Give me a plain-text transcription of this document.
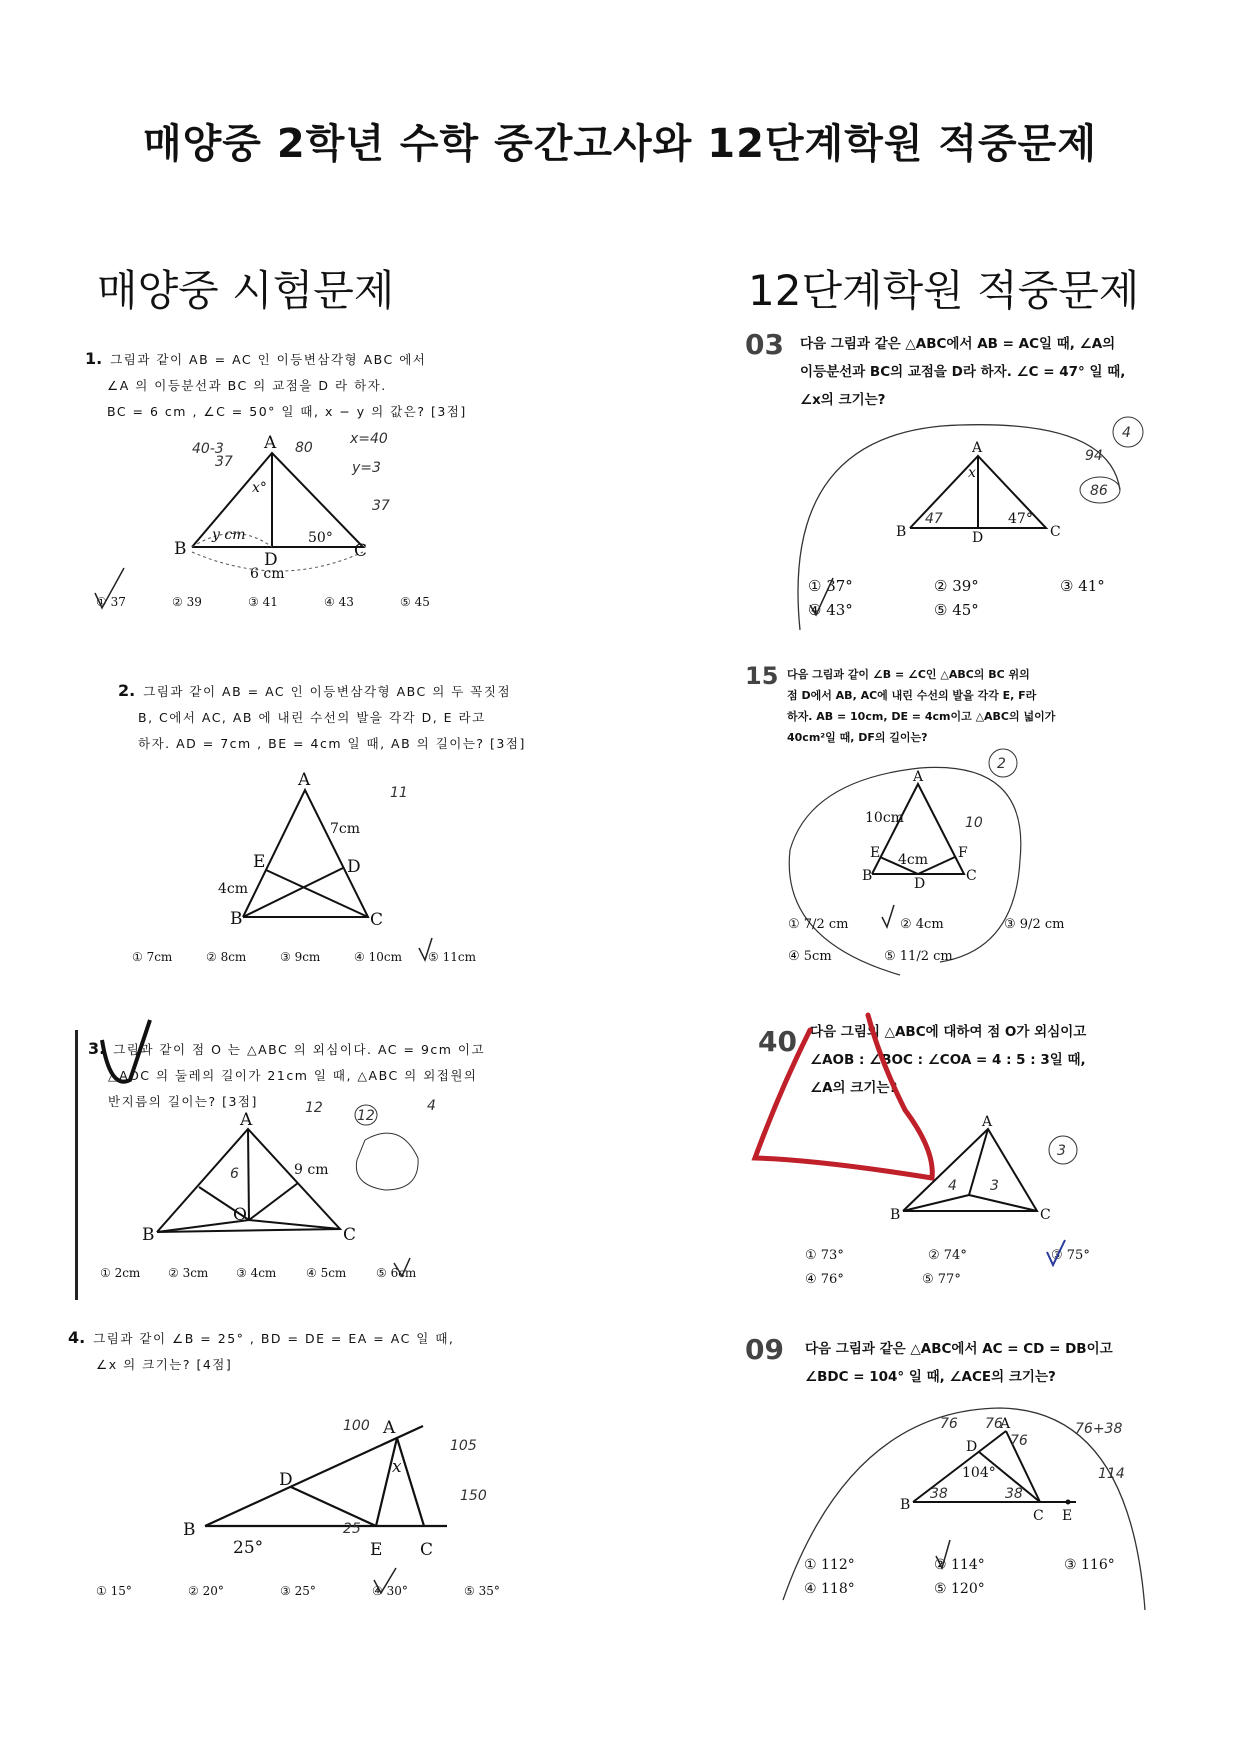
매양중 2학년 수학 중간고사와 12단계학원 적중문제
매양중 시험문제	12단계학원 적중문제
1. 그림과 같이 AB = AC 인 이등변삼각형 ABC 에서
∠A 의 이등분선과 BC 의 교점을 D 라 하자.
BC = 6 cm , ∠C = 50° 일 때, x − y 의 값은? [3점]
A
B	C
D
x°
y cm	50°
6 cm
40-3
37
80
x=40
y=3
37
① 37	② 39	③ 41	④ 43	⑤ 45
2. 그림과 같이 AB = AC 인 이등변삼각형 ABC 의 두 꼭짓점
B, C에서 AC, AB 에 내린 수선의 발을 각각 D, E 라고
하자. AD = 7cm , BE = 4cm 일 때, AB 의 길이는? [3점]
A
B	C
D
E
7cm
4cm
11
① 7cm	② 8cm	③ 9cm	④ 10cm	⑤ 11cm
3. 그림과 같이 점 O 는 △ABC 의 외심이다. AC = 9cm 이고
△AOC 의 둘레의 길이가 21cm 일 때, △ABC 의 외접원의
반지름의 길이는? [3점]
A
B	C
O
9 cm
6
12 12
4
① 2cm	② 3cm	③ 4cm	④ 5cm	⑤ 6cm
4. 그림과 같이 ∠B = 25° , BD = DE = EA = AC 일 때,
∠x 의 크기는? [4점]
A
B
C
D
E
x
25°
100
105
150
25
① 15°	② 20°	③ 25°	④ 30°	⑤ 35°
03 다음 그림과 같은 △ABC에서 AB = AC일 때, ∠A의
이등분선과 BC의 교점을 D라 하자. ∠C = 47° 일 때,
∠x의 크기는?
A
B	C
D
x
47°
47
94
86
4
① 37°	② 39°	③ 41°
④ 43°	⑤ 45°
15 다음 그림과 같이 ∠B = ∠C인 △ABC의 BC 위의
점 D에서 AB, AC에 내린 수선의 발을 각각 E, F라
하자. AB = 10cm, DE = 4cm이고 △ABC의 넓이가
40cm²일 때, DF의 길이는?
A
B	C
D
E	F
10cm
4cm
10
2
① 7/2 cm	② 4cm	③ 9/2 cm
④ 5cm	⑤ 11/2 cm
40 다음 그림의 △ABC에 대하여 점 O가 외심이고
∠AOB : ∠BOC : ∠COA = 4 : 5 : 3일 때,
∠A의 크기는?
A
B	C
4 3
3
① 73°	② 74°	③ 75°
④ 76°	⑤ 77°
09 다음 그림과 같은 △ABC에서 AC = CD = DB이고
∠BDC = 104° 일 때, ∠ACE의 크기는?
A
B
C E
D
104°
76 76
76
38	38
76+38
114
① 112°	② 114°	③ 116°
④ 118°	⑤ 120°
